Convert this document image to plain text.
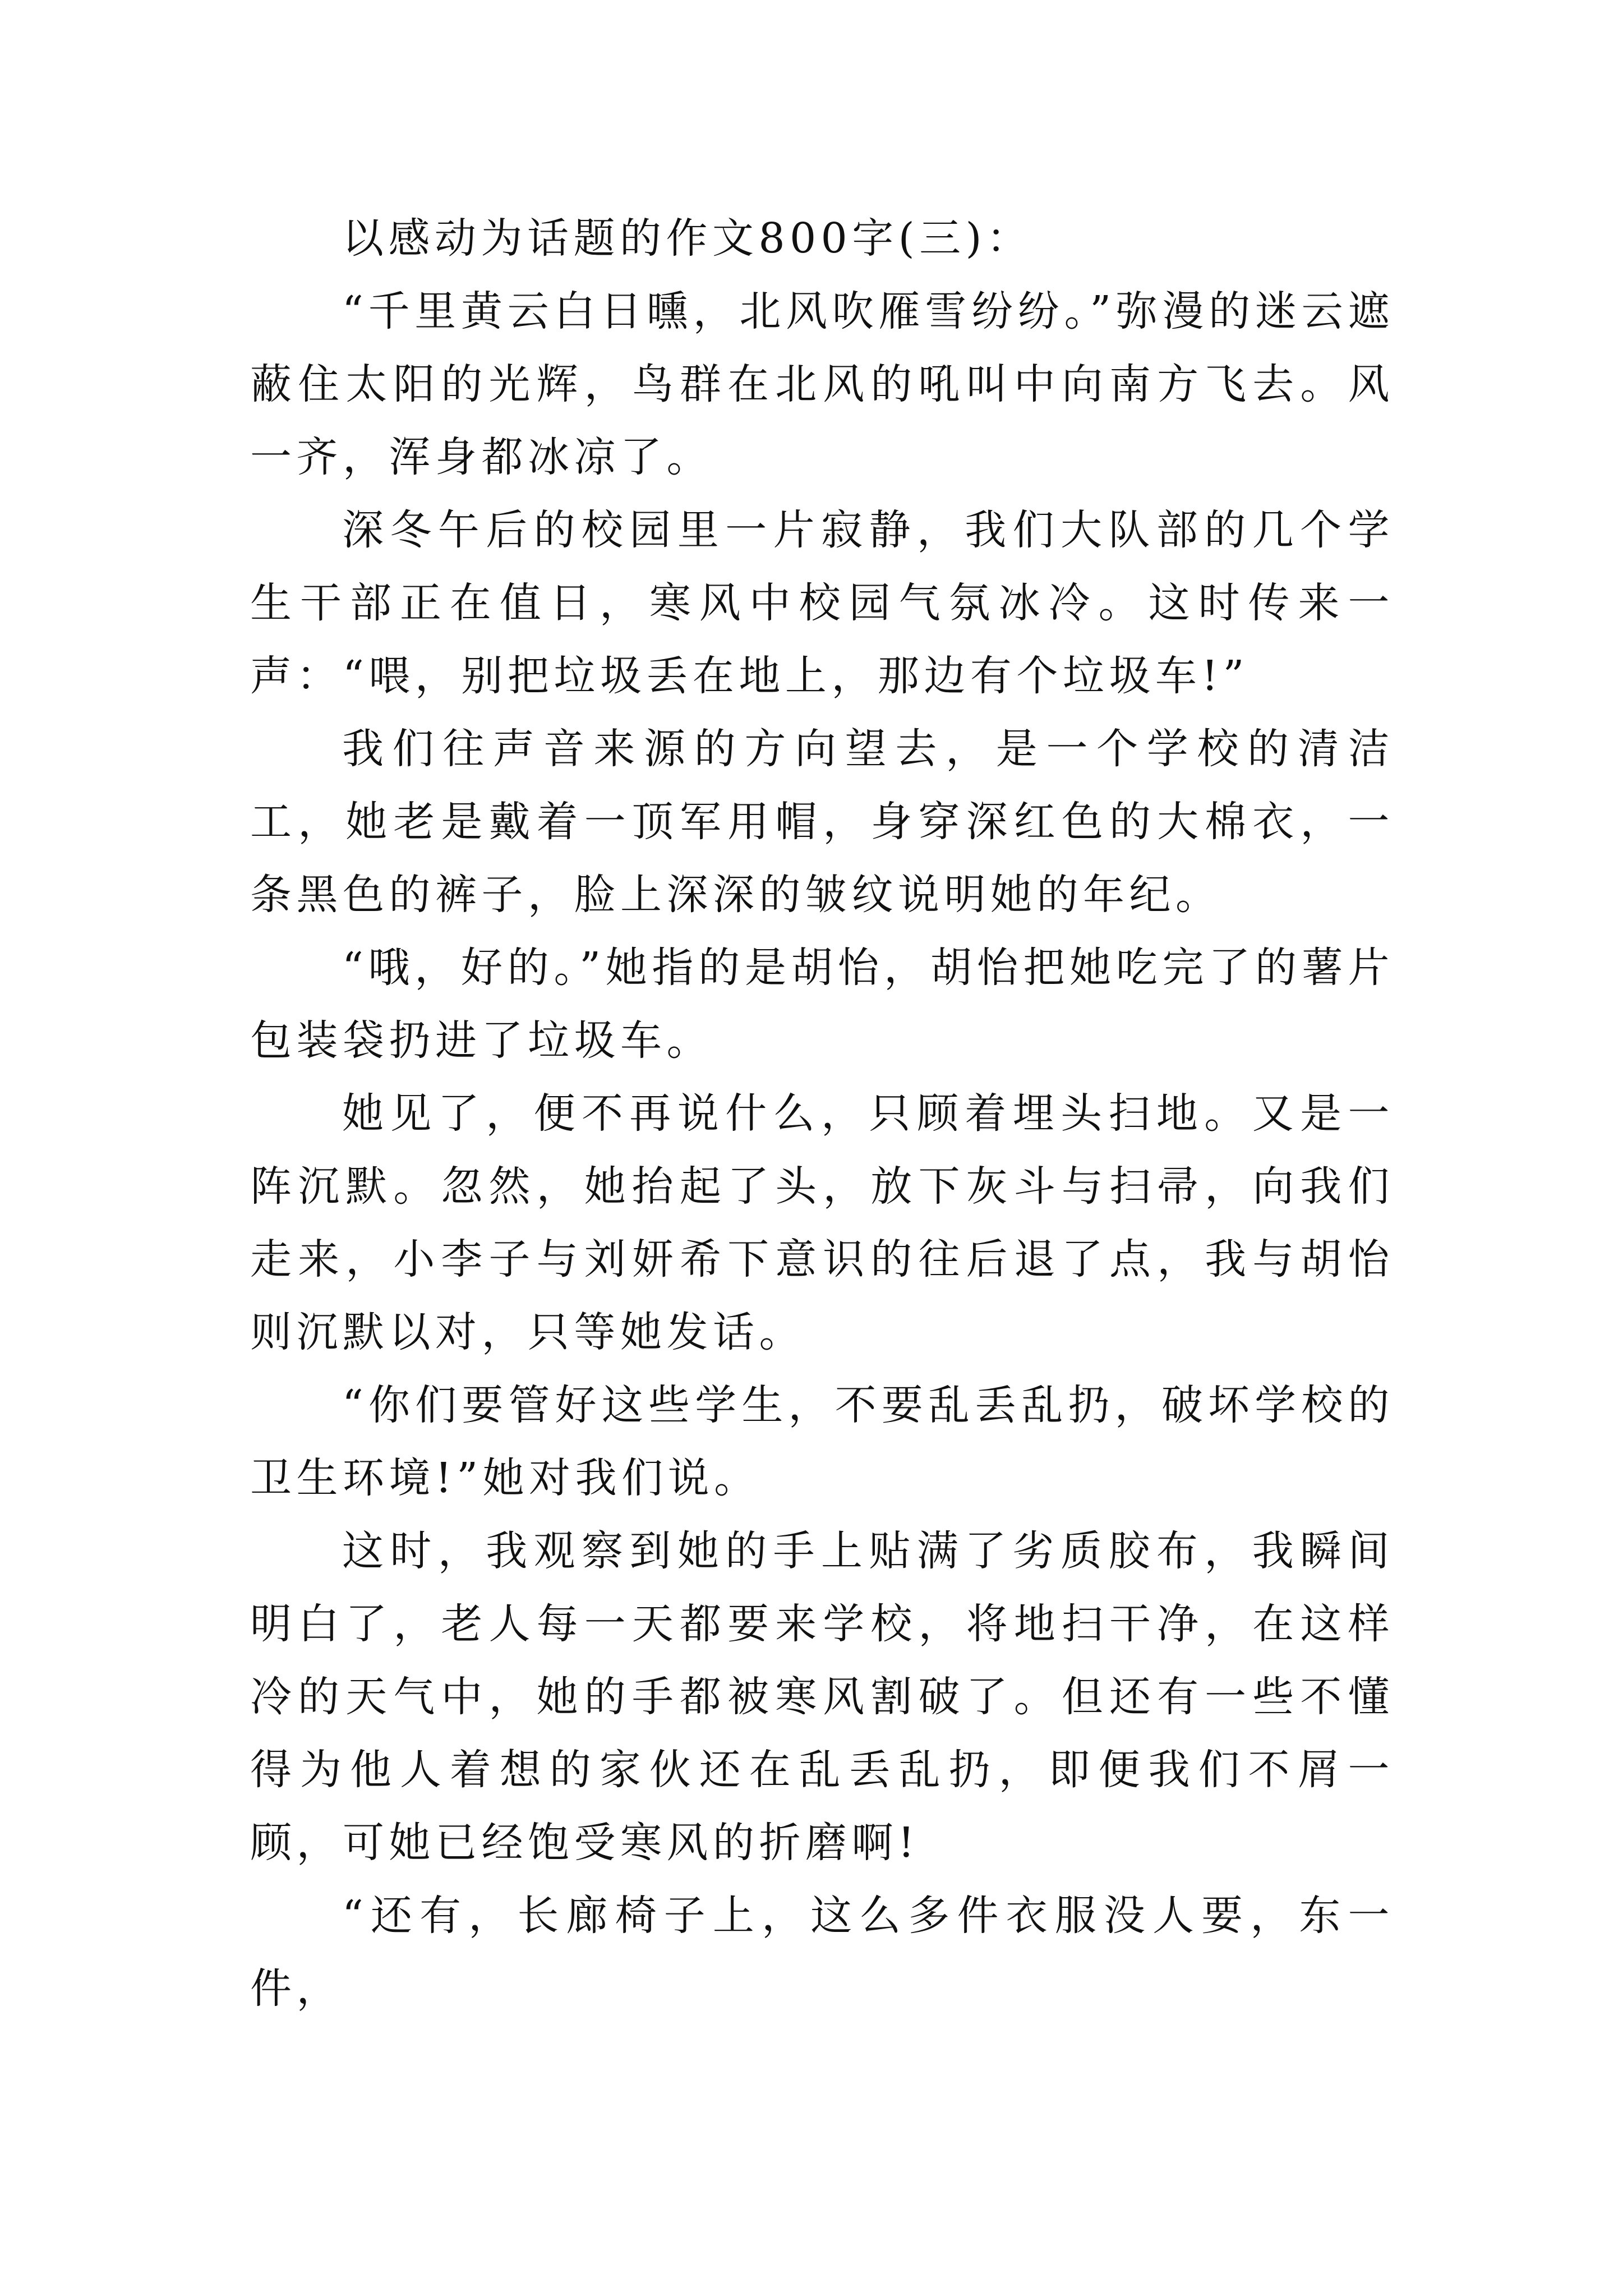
以感动为话题的作文800字(三)：

“千里黄云白日曛，北风吹雁雪纷纷。”弥漫的迷云遮蔽住太阳的光辉，鸟群在北风的吼叫中向南方飞去。风一齐，浑身都冰凉了。

深冬午后的校园里一片寂静，我们大队部的几个学生干部正在值日，寒风中校园气氛冰冷。这时传来一声：“喂，别把垃圾丢在地上，那边有个垃圾车!”

我们往声音来源的方向望去，是一个学校的清洁工，她老是戴着一顶军用帽，身穿深红色的大棉衣，一条黑色的裤子，脸上深深的皱纹说明她的年纪。

“哦，好的。”她指的是胡怡，胡怡把她吃完了的薯片包装袋扔进了垃圾车。

她见了，便不再说什么，只顾着埋头扫地。又是一阵沉默。忽然，她抬起了头，放下灰斗与扫帚，向我们走来，小李子与刘妍希下意识的往后退了点，我与胡怡则沉默以对，只等她发话。

“你们要管好这些学生，不要乱丢乱扔，破坏学校的卫生环境!”她对我们说。

这时，我观察到她的手上贴满了劣质胶布，我瞬间明白了，老人每一天都要来学校，将地扫干净，在这样冷的天气中，她的手都被寒风割破了。但还有一些不懂得为他人着想的家伙还在乱丢乱扔，即便我们不屑一顾，可她已经饱受寒风的折磨啊!

“还有，长廊椅子上，这么多件衣服没人要，东一件，
